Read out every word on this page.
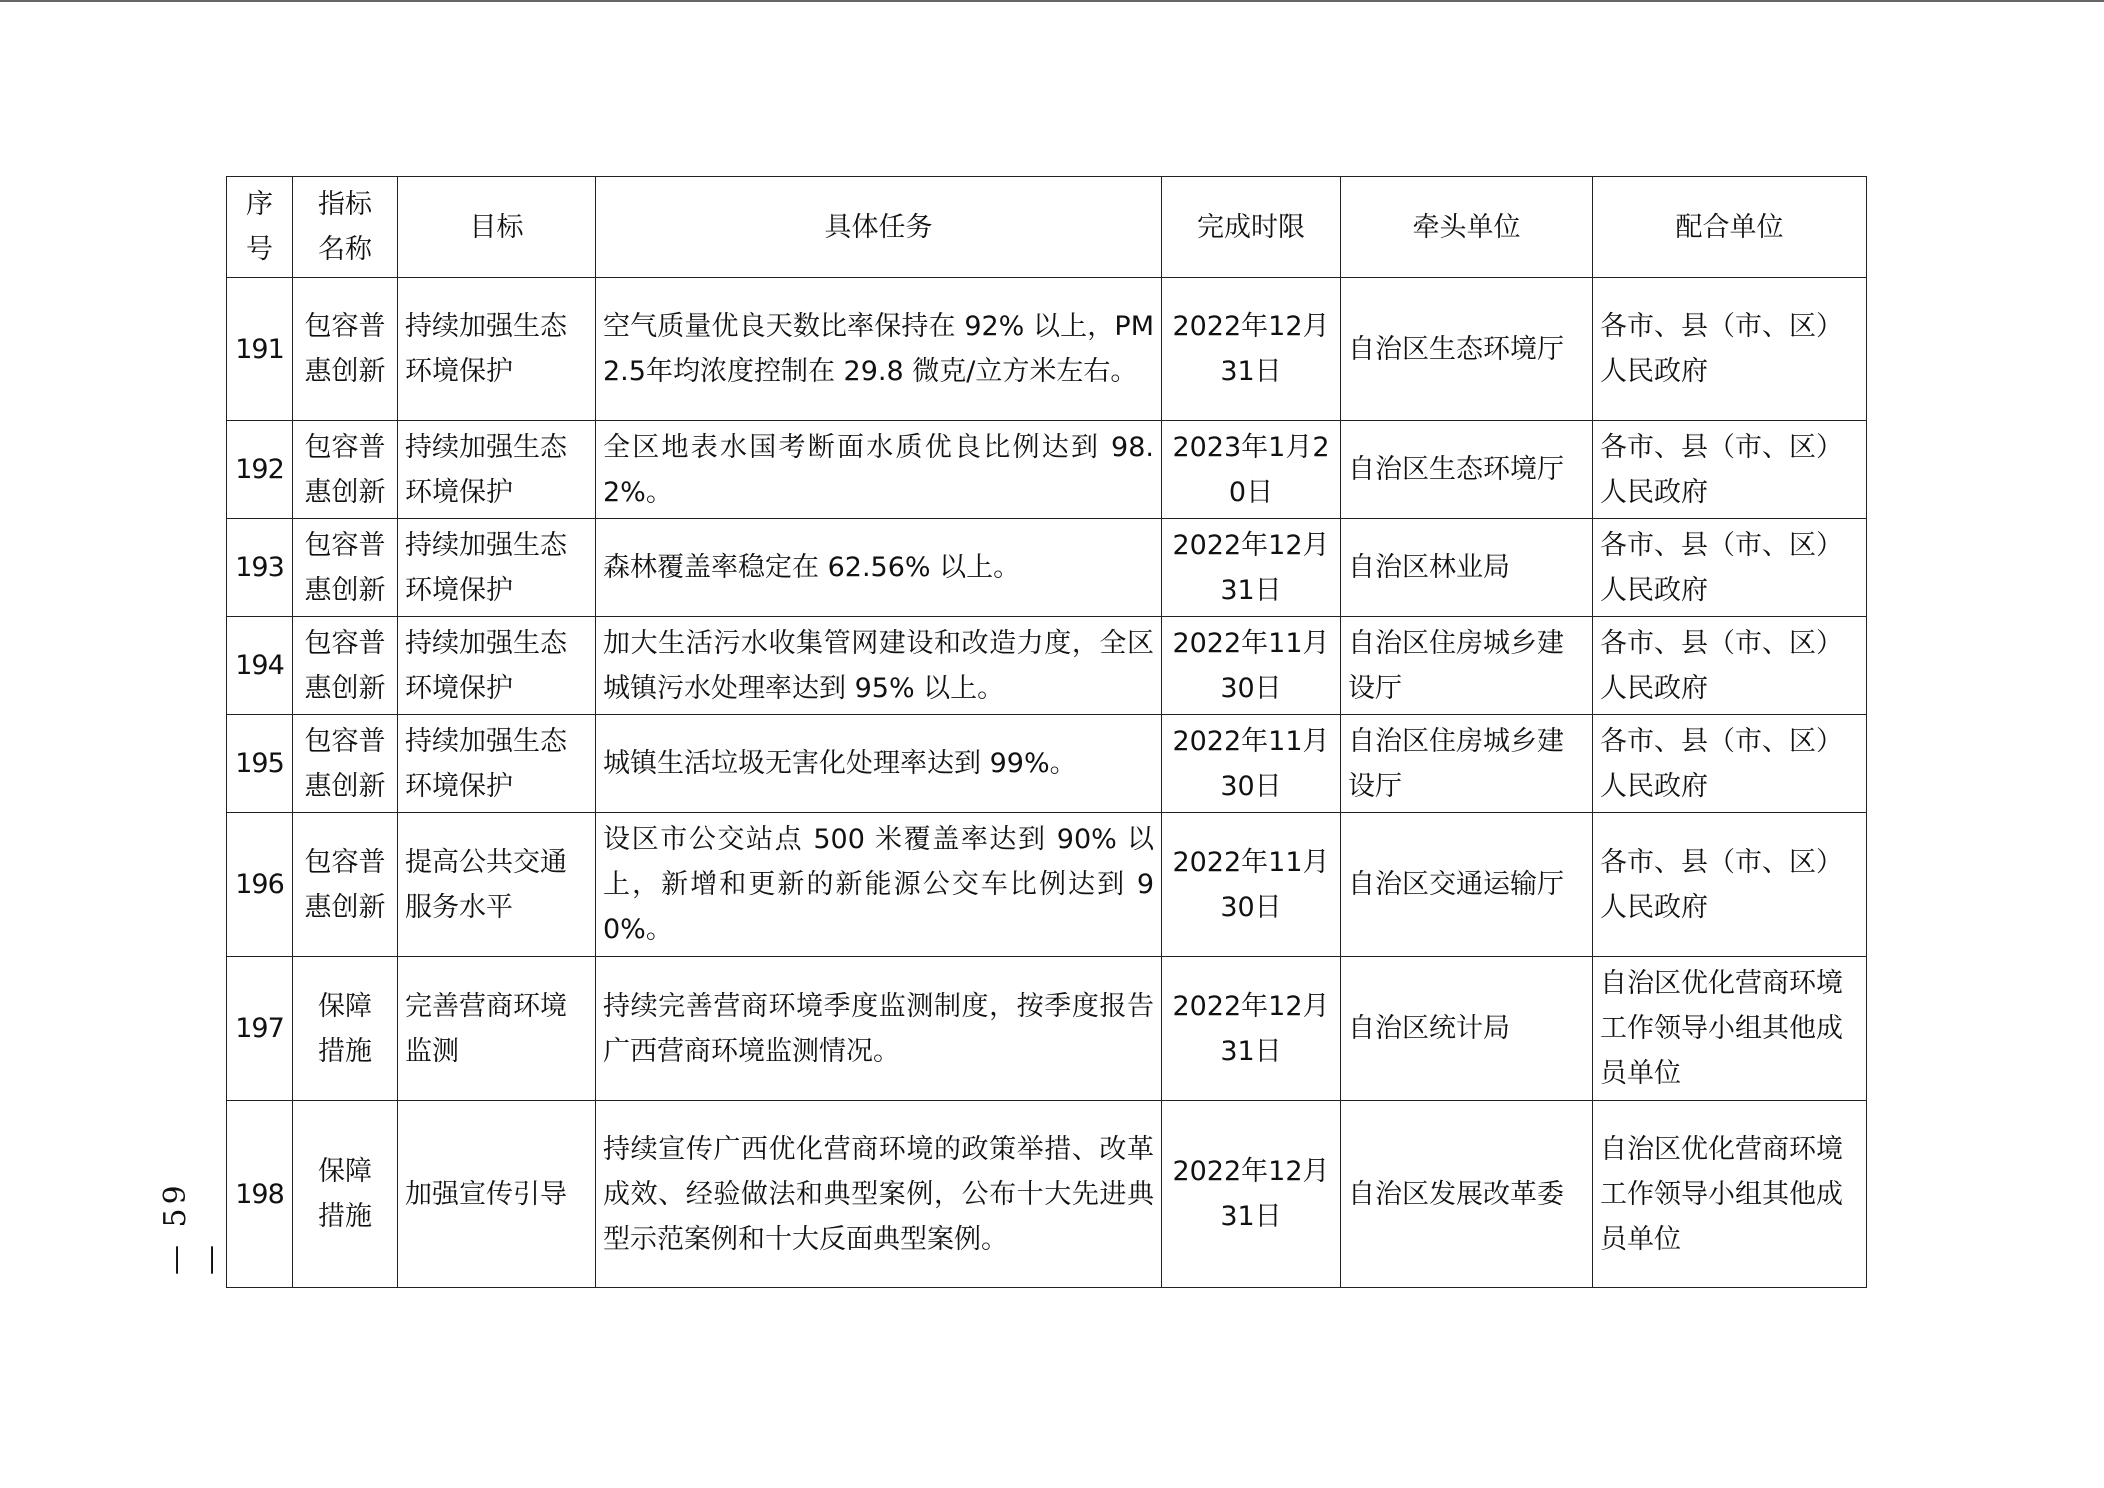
序号	指标名称	目标	具体任务	完成时限	牵头单位	配合单位
191	包容普惠创新	持续加强生态环境保护	空气质量优良天数比率保持在 92% 以上，PM2.5年均浓度控制在 29.8 微克/立方米左右。	2022年12月31日	自治区生态环境厅	各市、县（市、区）人民政府
192	包容普惠创新	持续加强生态环境保护	全区地表水国考断面水质优良比例达到 98.2%。	2023年1月20日	自治区生态环境厅	各市、县（市、区）人民政府
193	包容普惠创新	持续加强生态环境保护	森林覆盖率稳定在 62.56% 以上。	2022年12月31日	自治区林业局	各市、县（市、区）人民政府
194	包容普惠创新	持续加强生态环境保护	加大生活污水收集管网建设和改造力度，全区城镇污水处理率达到 95% 以上。	2022年11月30日	自治区住房城乡建设厅	各市、县（市、区）人民政府
195	包容普惠创新	持续加强生态环境保护	城镇生活垃圾无害化处理率达到 99%。	2022年11月30日	自治区住房城乡建设厅	各市、县（市、区）人民政府
196	包容普惠创新	提高公共交通服务水平	设区市公交站点 500 米覆盖率达到 90% 以上，新增和更新的新能源公交车比例达到 90%。	2022年11月30日	自治区交通运输厅	各市、县（市、区）人民政府
197	保障措施	完善营商环境监测	持续完善营商环境季度监测制度，按季度报告广西营商环境监测情况。	2022年12月31日	自治区统计局	自治区优化营商环境工作领导小组其他成员单位
198	保障措施	加强宣传引导	持续宣传广西优化营商环境的政策举措、改革成效、经验做法和典型案例，公布十大先进典型示范案例和十大反面典型案例。	2022年12月31日	自治区发展改革委	自治区优化营商环境工作领导小组其他成员单位
— 59 —
